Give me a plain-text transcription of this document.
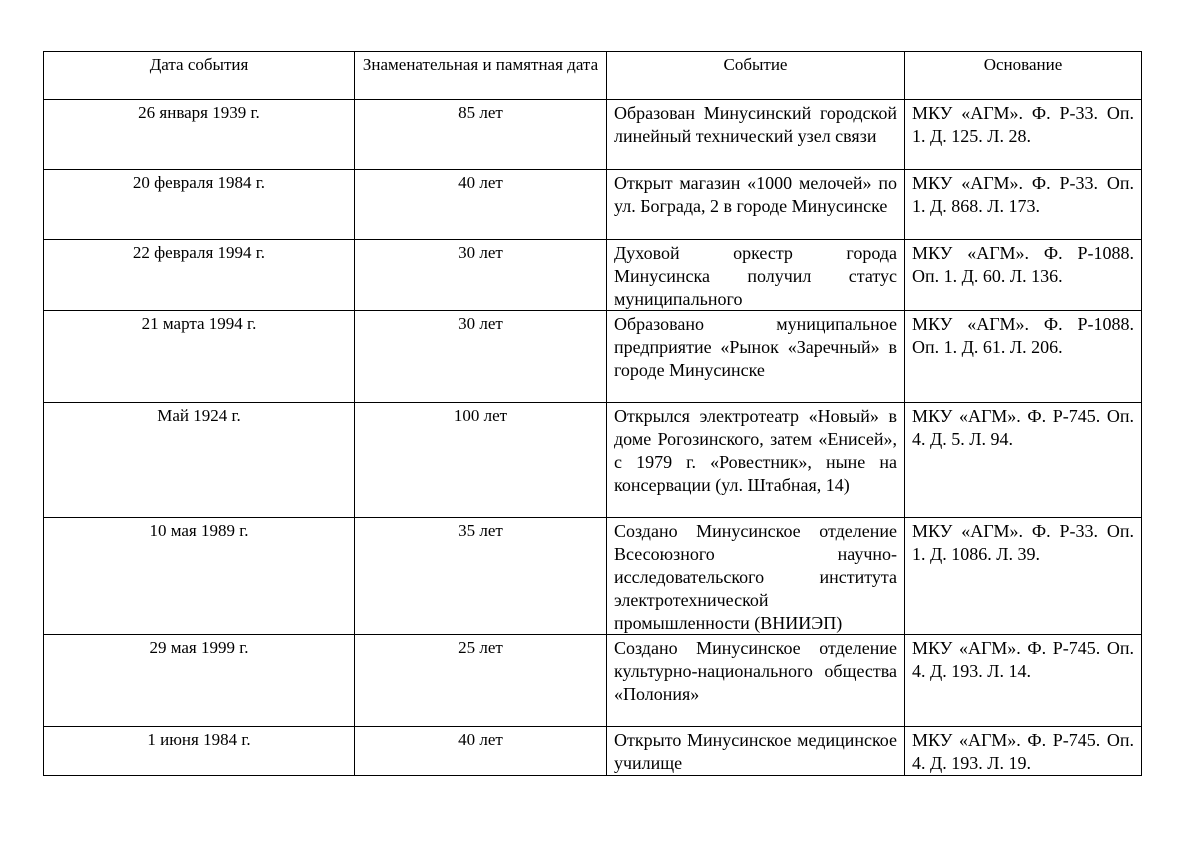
Дата события	Знаменательная и памятная дата	Событие	Основание
26 января 1939 г.	85 лет	Образован Минусинский городской линейный технический узел связи	МКУ «АГМ». Ф. Р-33. Оп. 1. Д. 125. Л. 28.
20 февраля 1984 г.	40 лет	Открыт магазин «1000 мелочей» по ул. Бограда, 2 в городе Минусинске	МКУ «АГМ». Ф. Р-33. Оп. 1. Д. 868. Л. 173.
22 февраля 1994 г.	30 лет	Духовой оркестр города Минусинска получил статус муниципального	МКУ «АГМ». Ф. Р-1088. Оп. 1. Д. 60. Л. 136.
21 марта 1994 г.	30 лет	Образовано муниципальное предприятие «Рынок «Заречный» в городе Минусинске	МКУ «АГМ». Ф. Р-1088. Оп. 1. Д. 61. Л. 206.
Май 1924 г.	100 лет	Открылся электротеатр «Новый» в доме Рогозинского, затем «Енисей», с 1979 г. «Ровестник», ныне на консервации (ул. Штабная, 14)	МКУ «АГМ». Ф. Р-745. Оп. 4. Д. 5. Л. 94.
10 мая 1989 г.	35 лет	Создано Минусинское отделение Всесоюзного научно-исследовательского института электротехнической промышленности (ВНИИЭП)	МКУ «АГМ». Ф. Р-33. Оп. 1. Д. 1086. Л. 39.
29 мая 1999 г.	25 лет	Создано Минусинское отделение культурно-национального общества «Полония»	МКУ «АГМ». Ф. Р-745. Оп. 4. Д. 193. Л. 14.
1 июня 1984 г.	40 лет	Открыто Минусинское медицинское училище	МКУ «АГМ». Ф. Р-745. Оп. 4. Д. 193. Л. 19.
